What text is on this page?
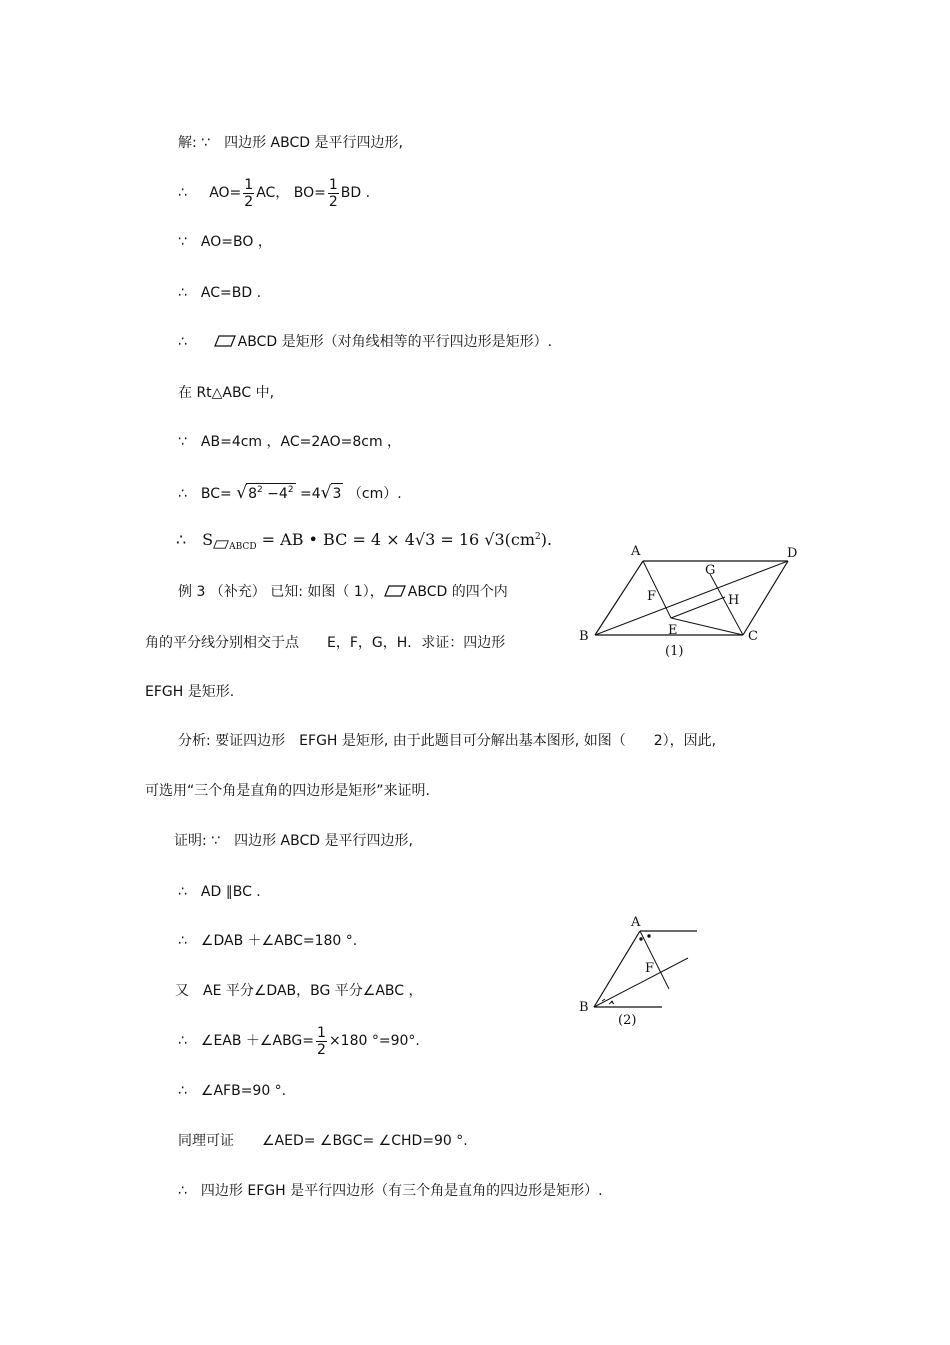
解: ∵　四边形 ABCD 是平行四边形,
∴ $AO= \frac{1}{2}$ AC， $BO= \frac{1}{2}$ BD .
∵　AO=BO ，
∴　AC=BD .
∴	ABCD 是矩形（对角线相等的平行四边形是矩形）.
在 Rt△ABC 中,
∵　AB=4cm ，AC=2AO=8cm ，
∴　$BC= √8^2 -4^2 =4√3$ （cm）.
∴　S $_{ABCD}$ = AB • BC = 4 × 4√3 = 16 $√3(cm^2)$.
例 3 （补充） 已知: 如图（ 1）， ABCD 的四个内
角的平分线分别相交于点　　E，F，G，H．求证：四边形
EFGH 是矩形.
A	D
G
F	H
B	E	C
(1)
分析: 要证四边形　EFGH 是矩形, 由于此题目可分解出基本图形, 如图（　　2），因此,
可选用“三个角是直角的四边形是矩形”来证明.
证明: ∵　四边形 ABCD 是平行四边形,
∴　AD ∥BC .
∴　∠DAB ＋∠ABC=180 °.
又　AE 平分∠DAB，BG 平分∠ABC ，
∴　∠EAB ＋∠ABG= $\frac{1}{2} \times 180$ °=90°.
∴　∠AFB=90 °.
同理可证　　∠AED= ∠BGC= ∠CHD=90 °.
∴　四边形 EFGH 是平行四边形（有三个角是直角的四边形是矩形）.
A
F
B
(2)
